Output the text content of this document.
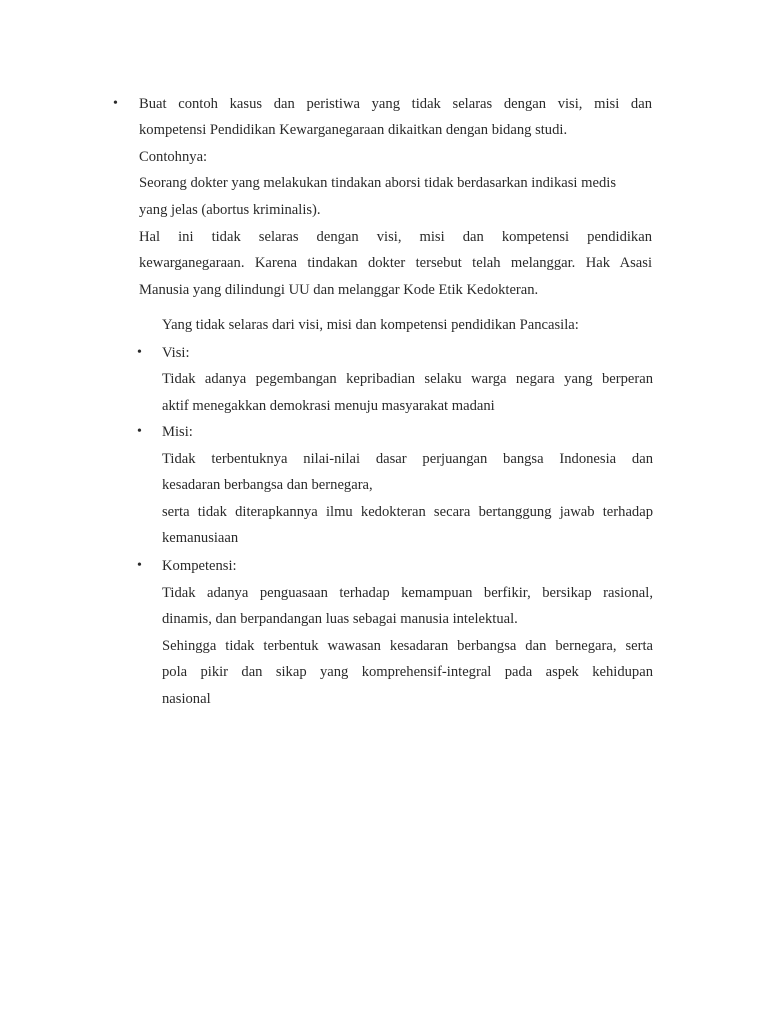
•	Buat contoh kasus dan peristiwa yang tidak selaras dengan visi, misi dan
kompetensi Pendidikan Kewarganegaraan dikaitkan dengan bidang studi.
Contohnya:
Seorang dokter yang melakukan tindakan aborsi tidak berdasarkan indikasi medis
yang jelas (abortus kriminalis).
Hal ini tidak selaras dengan visi, misi dan kompetensi pendidikan
kewarganegaraan. Karena tindakan dokter tersebut telah melanggar. Hak Asasi
Manusia yang dilindungi UU dan melanggar Kode Etik Kedokteran.
Yang tidak selaras dari visi, misi dan kompetensi pendidikan Pancasila:
•	Visi:
Tidak adanya pegembangan kepribadian selaku warga negara yang berperan
aktif menegakkan demokrasi menuju masyarakat madani
•	Misi:
Tidak terbentuknya nilai-nilai dasar perjuangan bangsa Indonesia dan
kesadaran berbangsa dan bernegara,
serta tidak diterapkannya ilmu kedokteran secara bertanggung jawab terhadap
kemanusiaan
•	Kompetensi:
Tidak adanya penguasaan terhadap kemampuan berfikir, bersikap rasional,
dinamis, dan berpandangan luas sebagai manusia intelektual.
Sehingga tidak terbentuk wawasan kesadaran berbangsa dan bernegara, serta
pola pikir dan sikap yang komprehensif-integral pada aspek kehidupan
nasional
